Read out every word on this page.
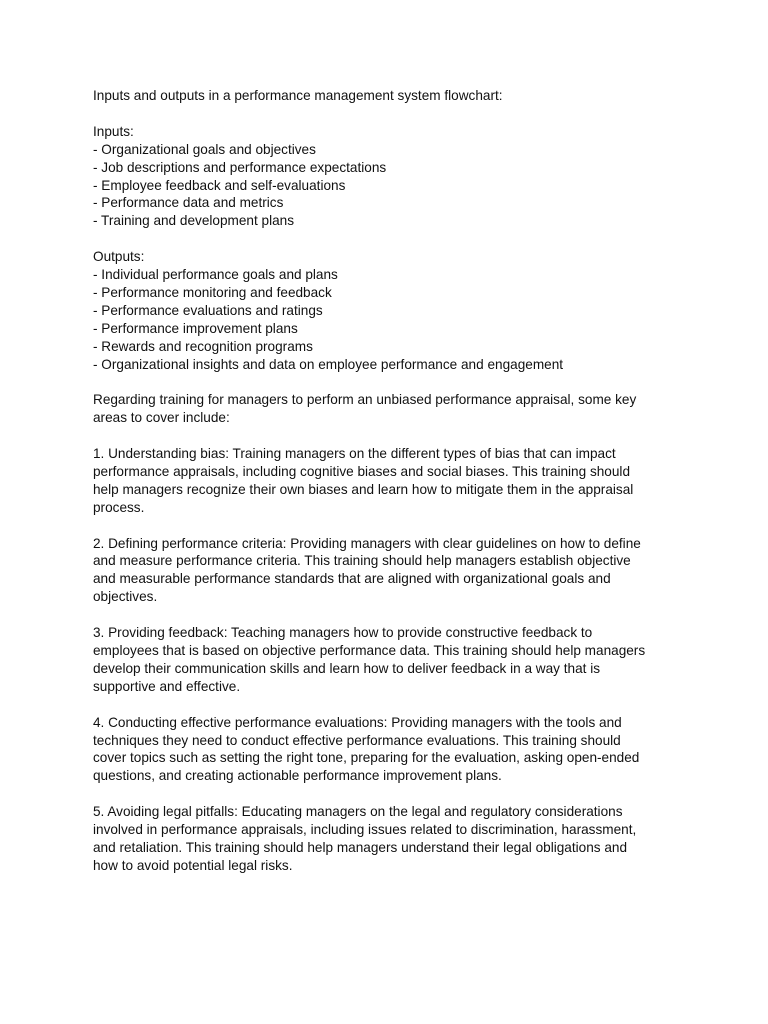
Inputs and outputs in a performance management system flowchart:
Inputs:
- Organizational goals and objectives
- Job descriptions and performance expectations
- Employee feedback and self-evaluations
- Performance data and metrics
- Training and development plans
Outputs:
- Individual performance goals and plans
- Performance monitoring and feedback
- Performance evaluations and ratings
- Performance improvement plans
- Rewards and recognition programs
- Organizational insights and data on employee performance and engagement
Regarding training for managers to perform an unbiased performance appraisal, some key
areas to cover include:
1. Understanding bias: Training managers on the different types of bias that can impact
performance appraisals, including cognitive biases and social biases. This training should
help managers recognize their own biases and learn how to mitigate them in the appraisal
process.
2. Defining performance criteria: Providing managers with clear guidelines on how to define
and measure performance criteria. This training should help managers establish objective
and measurable performance standards that are aligned with organizational goals and
objectives.
3. Providing feedback: Teaching managers how to provide constructive feedback to
employees that is based on objective performance data. This training should help managers
develop their communication skills and learn how to deliver feedback in a way that is
supportive and effective.
4. Conducting effective performance evaluations: Providing managers with the tools and
techniques they need to conduct effective performance evaluations. This training should
cover topics such as setting the right tone, preparing for the evaluation, asking open-ended
questions, and creating actionable performance improvement plans.
5. Avoiding legal pitfalls: Educating managers on the legal and regulatory considerations
involved in performance appraisals, including issues related to discrimination, harassment,
and retaliation. This training should help managers understand their legal obligations and
how to avoid potential legal risks.
